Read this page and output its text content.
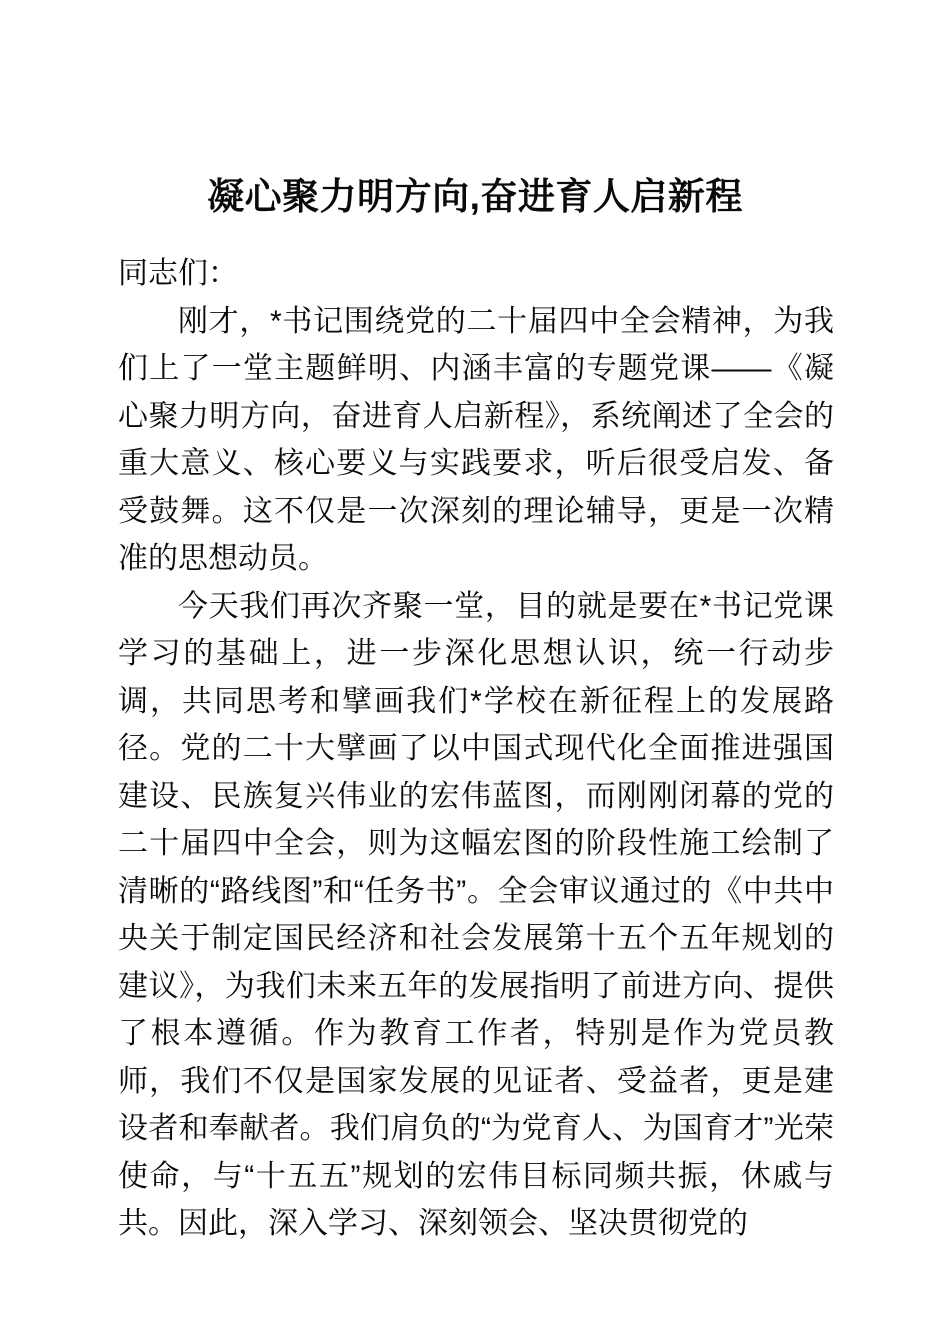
凝心聚力明方向,奋进育人启新程

同志们：

刚才，*书记围绕党的二十届四中全会精神，为我们上了一堂主题鲜明、内涵丰富的专题党课——《凝心聚力明方向，奋进育人启新程》，系统阐述了全会的重大意义、核心要义与实践要求，听后很受启发、备受鼓舞。这不仅是一次深刻的理论辅导，更是一次精准的思想动员。

今天我们再次齐聚一堂，目的就是要在*书记党课学习的基础上，进一步深化思想认识，统一行动步调，共同思考和擘画我们*学校在新征程上的发展路径。党的二十大擘画了以中国式现代化全面推进强国建设、民族复兴伟业的宏伟蓝图，而刚刚闭幕的党的二十届四中全会，则为这幅宏图的阶段性施工绘制了清晰的“路线图”和“任务书”。全会审议通过的《中共中央关于制定国民经济和社会发展第十五个五年规划的建议》，为我们未来五年的发展指明了前进方向、提供了根本遵循。作为教育工作者，特别是作为党员教师，我们不仅是国家发展的见证者、受益者，更是建设者和奉献者。我们肩负的“为党育人、为国育才”光荣使命，与“十五五”规划的宏伟目标同频共振，休戚与共。因此，深入学习、深刻领会、坚决贯彻党的
